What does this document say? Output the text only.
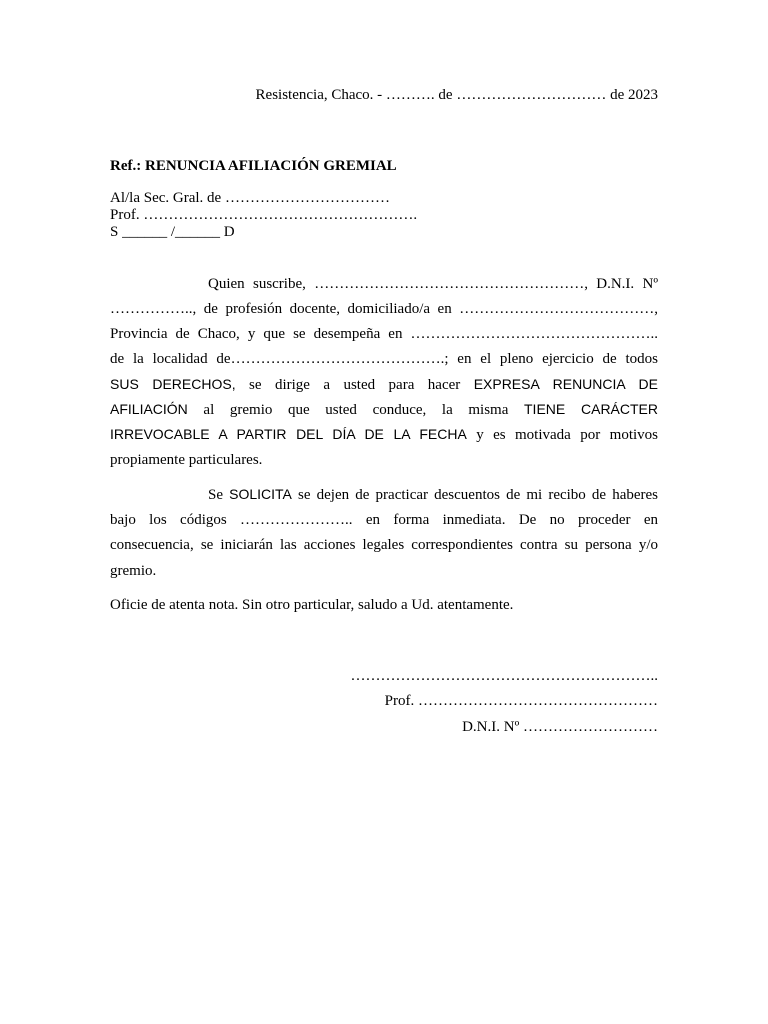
Resistencia, Chaco. - ………. de ………………………… de 2023
Ref.: RENUNCIA AFILIACIÓN GREMIAL
Al/la Sec. Gral. de ……………………………
Prof. ……………………………………………….
S ______ /______ D
Quien suscribe, ………………………………………………, D.N.I. Nº
…………….., de profesión docente, domiciliado/a en …………………………………,
Provincia de Chaco, y que se desempeña en …………………………………………..
de la localidad de…………………………………….; en el pleno ejercicio de todos
SUS DERECHOS, se dirige a usted para hacer EXPRESA RENUNCIA DE
AFILIACIÓN al gremio que usted conduce, la misma TIENE CARÁCTER
IRREVOCABLE A PARTIR DEL DÍA DE LA FECHA y es motivada por motivos
propiamente particulares.
Se SOLICITA se dejen de practicar descuentos de mi recibo de haberes
bajo los códigos ………………….. en forma inmediata. De no proceder en
consecuencia, se iniciarán las acciones legales correspondientes contra su persona y/o
gremio.
Oficie de atenta nota. Sin otro particular, saludo a Ud. atentamente.
……………………………………………………..
Prof. …………………………………………
D.N.I. Nº ………………………
